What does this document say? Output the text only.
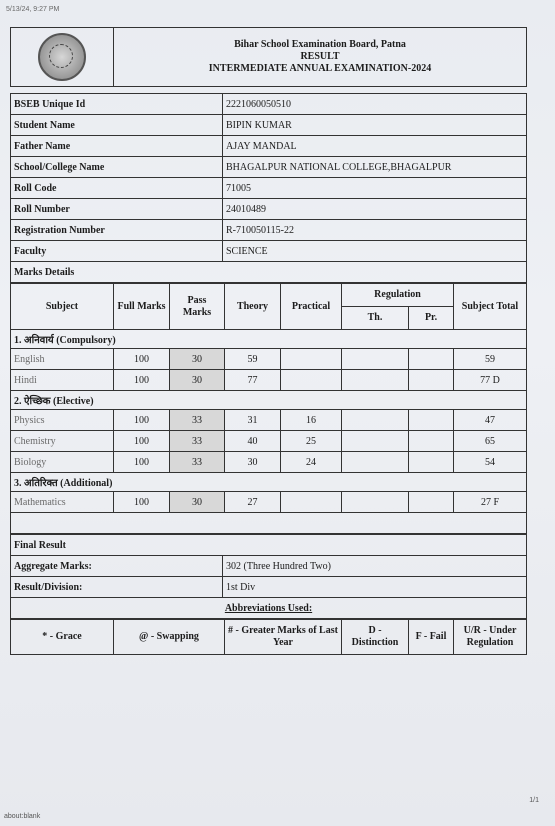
5/13/24, 9:27 PM

Bihar School Examination Board, Patna
RESULT
INTERMEDIATE ANNUAL EXAMINATION-2024
BSEB Unique Id	2221060050510
Student Name	BIPIN KUMAR
Father Name	AJAY MANDAL
School/College Name	BHAGALPUR NATIONAL COLLEGE,BHAGALPUR
Roll Code	71005
Roll Number	24010489
Registration Number	R-710050115-22
Faculty	SCIENCE
Marks Details	
Subject	Full Marks	Pass Marks	Theory	Practical	Regulation		Subject Total
					Th.	Pr.	
1. अनिवार्य (Compulsory)							
English	100	30	59				59
Hindi	100	30	77				77 D
2. ऐच्छिक (Elective)							
Physics	100	33	31	16			47
Chemistry	100	33	40	25			65
Biology	100	33	30	24			54
3. अतिरिक्त (Additional)							
Mathematics	100	30	27				27 F

Final Result	
Aggregate Marks:	302 (Three Hundred Two)
Result/Division:	1st Div
Abbreviations Used:	
* - Grace	@ - Swapping	# - Greater Marks of Last Year	D - Distinction	F - Fail	U/R - Under Regulation
1/1
about:blank
